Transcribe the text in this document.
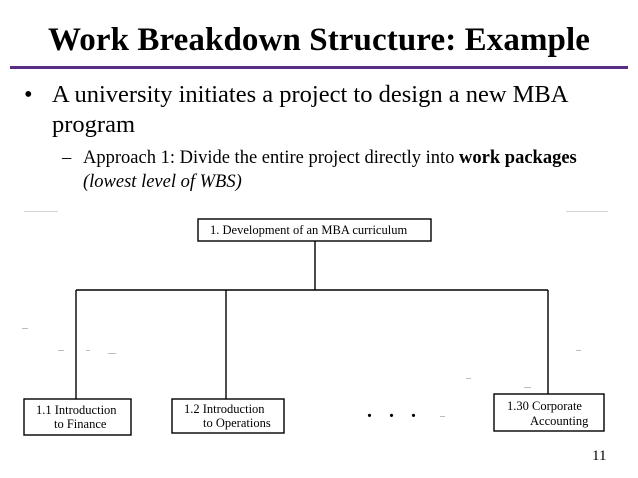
Work Breakdown Structure: Example
• A university initiates a project to design a new MBA program
– Approach 1: Divide the entire project directly into work packages (lowest level of WBS)
1. Development of an MBA curriculum
1.1 Introduction
to Finance
1.2 Introduction
to Operations
1.30 Corporate
Accounting
. . .
11
